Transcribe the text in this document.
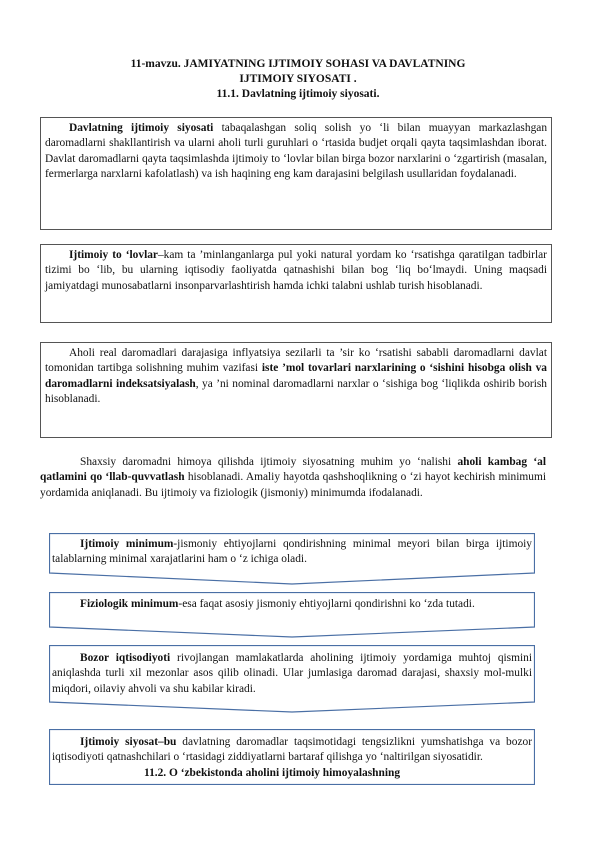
11-mavzu. JAMIYATNING IJTIMOIY SOHASI VA DAVLATNING
IJTIMOIY SIYOSATI .
11.1. Davlatning ijtimoiy siyosati.

Davlatning ijtimoiy siyosati tabaqalashgan soliq solish yo ‘li bilan muayyan markazlashgan daromadlarni shakllantirish va ularni aholi turli guruhlari o ‘rtasida budjet orqali qayta taqsimlashdan iborat. Davlat daromadlarni qayta taqsimlashda ijtimoiy to ‘lovlar bilan birga bozor narxlarini o ‘zgartirish (masalan, fermerlarga narxlarni kafolatlash) va ish haqining eng kam darajasini belgilash usullaridan foydalanadi.

Ijtimoiy to ‘lovlar–kam ta ’minlanganlarga pul yoki natural yordam ko ‘rsatishga qaratilgan tadbirlar tizimi bo ‘lib, bu ularning iqtisodiy faoliyatda qatnashishi bilan bog ‘liq bo‘lmaydi. Uning maqsadi jamiyatdagi munosabatlarni insonparvarlashtirish hamda ichki talabni ushlab turish hisoblanadi.

Aholi real daromadlari darajasiga inflyatsiya sezilarli ta ’sir ko ‘rsatishi sababli daromadlarni davlat tomonidan tartibga solishning muhim vazifasi iste ’mol tovarlari narxlarining o ‘sishini hisobga olish va daromadlarni indeksatsiyalash, ya ’ni nominal daromadlarni narxlar o ‘sishiga bog ‘liqlikda oshirib borish hisoblanadi.

Shaxsiy daromadni himoya qilishda ijtimoiy siyosatning muhim yo ‘nalishi aholi kambag ‘al qatlamini qo ‘llab-quvvatlash hisoblanadi. Amaliy hayotda qashshoqlikning o ‘zi hayot kechirish minimumi yordamida aniqlanadi. Bu ijtimoiy va fiziologik (jismoniy) minimumda ifodalanadi.

Ijtimoiy minimum-jismoniy ehtiyojlarni qondirishning minimal meyori bilan birga ijtimoiy talablarning minimal xarajatlarini ham o ‘z ichiga oladi.

Fiziologik minimum-esa faqat asosiy jismoniy ehtiyojlarni qondirishni ko ‘zda tutadi.

Bozor iqtisodiyoti rivojlangan mamlakatlarda aholining ijtimoiy yordamiga muhtoj qismini aniqlashda turli xil mezonlar asos qilib olinadi. Ular jumlasiga daromad darajasi, shaxsiy mol-mulki miqdori, oilaviy ahvoli va shu kabilar kiradi.

Ijtimoiy siyosat–bu davlatning daromadlar taqsimotidagi tengsizlikni yumshatishga va bozor iqtisodiyoti qatnashchilari o ‘rtasidagi ziddiyatlarni bartaraf qilishga yo ‘naltirilgan siyosatidir.

11.2. O ‘zbekistonda aholini ijtimoiy himoyalashning
